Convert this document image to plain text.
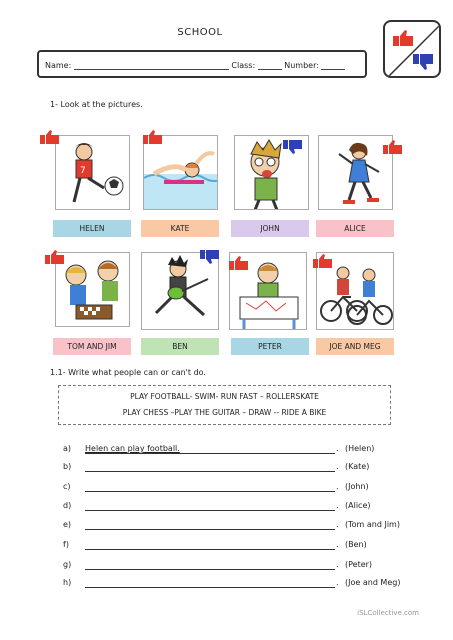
SCHOOL
Name:	Class:	Number:
1- Look at the pictures.
7
HELEN	KATE	JOHN	ALICE
TOM AND JIM	BEN	PETER	JOE AND MEG
1.1- Write what people can or can't do.
PLAY FOOTBALL- SWIM- RUN FAST – ROLLERSKATE
PLAY CHESS –PLAY THE GUITAR – DRAW -- RIDE A BIKE
a) Helen can play football.	. (Helen)
b)	. (Kate)
c)	. (John)
d)	. (Alice)
e)	. (Tom and Jim)
f)	. (Ben)
g)	. (Peter)
h)	. (Joe and Meg)
iSLCollective.com
